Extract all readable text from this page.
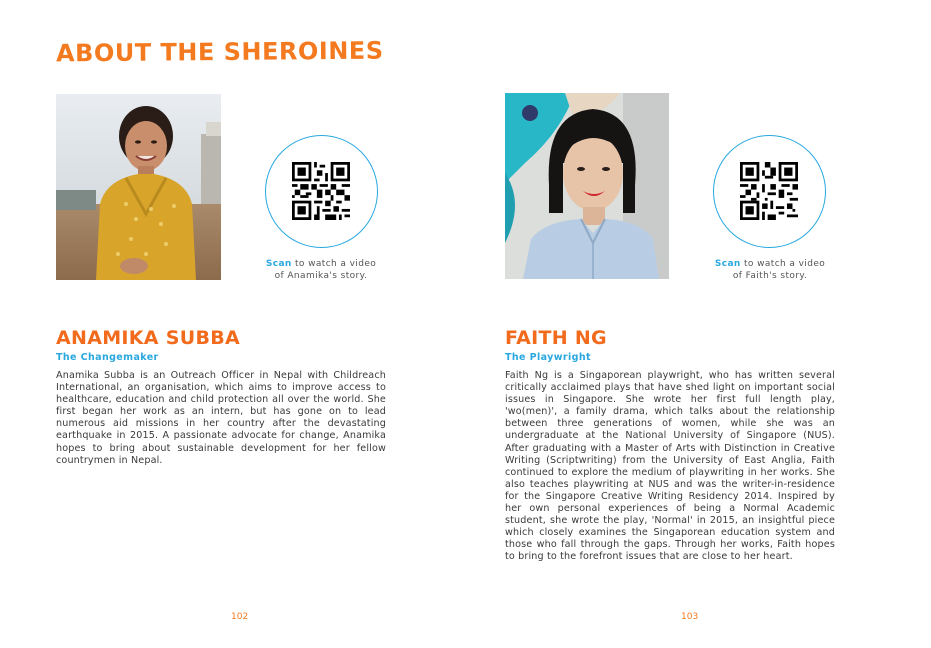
ABOUT THE SHEROINES
Scan to watch a video
of Anamika's story.
ANAMIKA SUBBA
The Changemaker

Anamika Subba is an Outreach Officer in Nepal with Childreach International, an organisation, which aims to improve access to healthcare, education and child protection all over the world. She first began her work as an intern, but has gone on to lead numerous aid missions in her country after the devastating earthquake in 2015. A passionate advocate for change, Anamika hopes to bring about sustainable development for her fellow countrymen in Nepal.

102
Scan to watch a video
of Faith's story.
FAITH NG
The Playwright

Faith Ng is a Singaporean playwright, who has written several critically acclaimed plays that have shed light on important social issues in Singapore. She wrote her first full length play, 'wo(men)', a family drama, which talks about the relationship between three generations of women, while she was an undergraduate at the National University of Singapore (NUS). After graduating with a Master of Arts with Distinction in Creative Writing (Scriptwriting) from the University of East Anglia, Faith continued to explore the medium of playwriting in her works. She also teaches playwriting at NUS and was the writer-in-residence for the Singapore Creative Writing Residency 2014. Inspired by her own personal experiences of being a Normal Academic student, she wrote the play, 'Normal' in 2015, an insightful piece which closely examines the Singaporean education system and those who fall through the gaps. Through her works, Faith hopes to bring to the forefront issues that are close to her heart.

103
